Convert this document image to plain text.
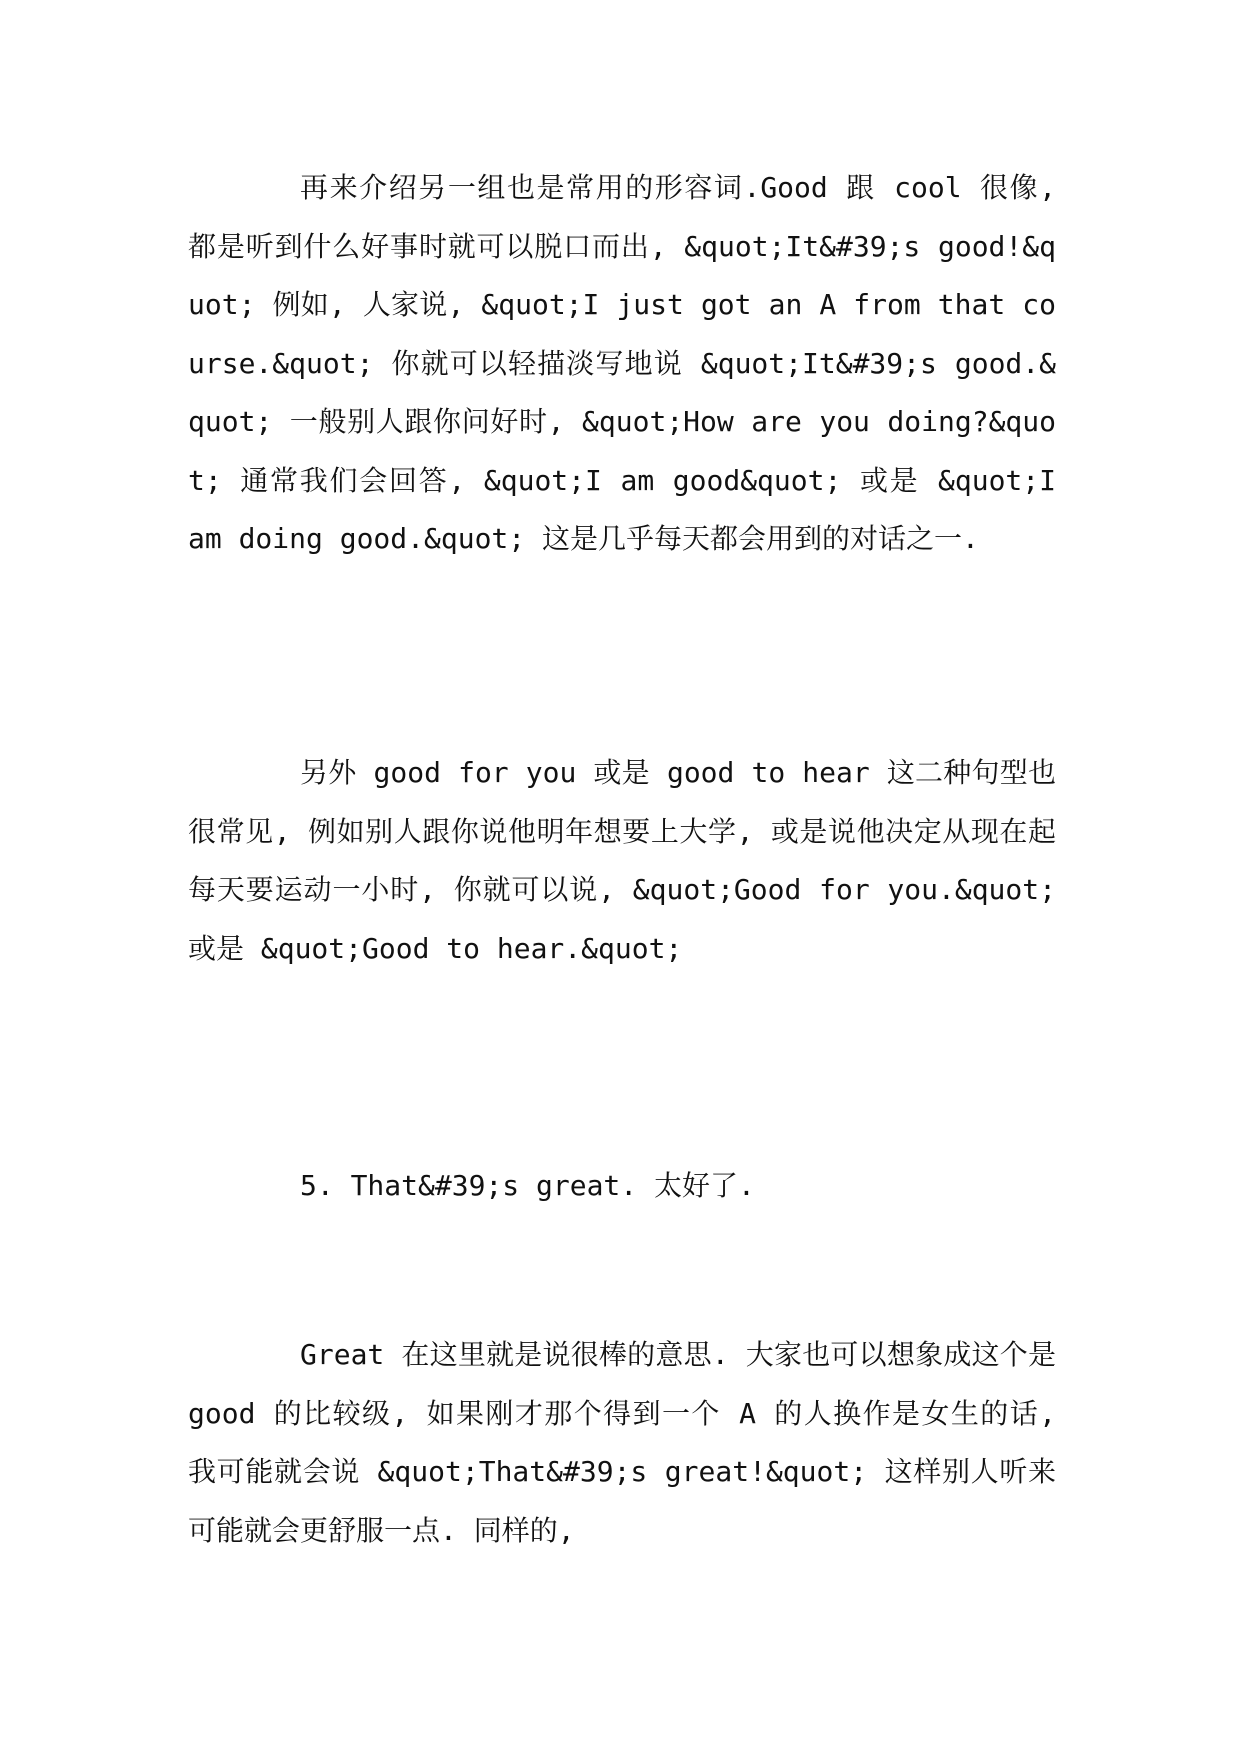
再来介绍另一组也是常用的形容词.Good 跟 cool 很像, 都是听到什么好事时就可以脱口而出, &quot;It&#39;s good!&quot; 例如, 人家说, &quot;I just got an A from that course.&quot; 你就可以轻描淡写地说 &quot;It&#39;s good.&quot; 一般别人跟你问好时, &quot;How are you doing?&quot; 通常我们会回答, &quot;I am good&quot; 或是 &quot;I am doing good.&quot; 这是几乎每天都会用到的对话之一.

另外 good for you 或是 good to hear 这二种句型也很常见, 例如别人跟你说他明年想要上大学, 或是说他决定从现在起每天要运动一小时, 你就可以说, &quot;Good for you.&quot; 或是 &quot;Good to hear.&quot;

5. That&#39;s great. 太好了.

Great 在这里就是说很棒的意思. 大家也可以想象成这个是 good 的比较级, 如果刚才那个得到一个 A 的人换作是女生的话, 我可能就会说 &quot;That&#39;s great!&quot; 这样别人听来可能就会更舒服一点. 同样的,
